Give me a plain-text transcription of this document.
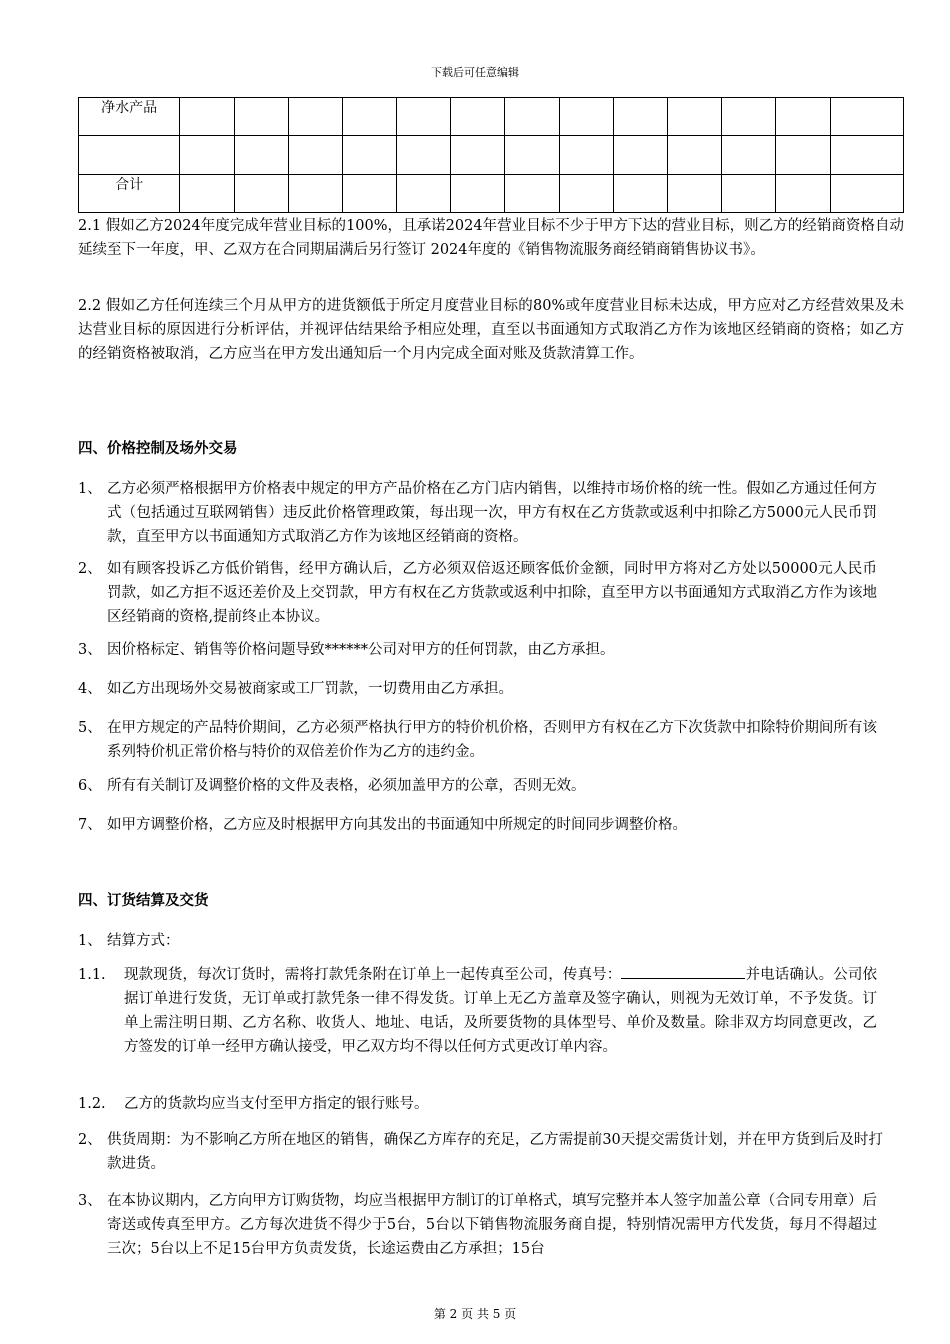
下载后可任意编辑
净水产品													

合计													
2.1 假如乙方2024年度完成年营业目标的100%，且承诺2024年营业目标不少于甲方下达的营业目标，则乙方的经销商资格自动延续至下一年度，甲、乙双方在合同期届满后另行签订 2024年度的《销售物流服务商经销商销售协议书》。
2.2 假如乙方任何连续三个月从甲方的进货额低于所定月度营业目标的80%或年度营业目标未达成，甲方应对乙方经营效果及未达营业目标的原因进行分析评估，并视评估结果给予相应处理，直至以书面通知方式取消乙方作为该地区经销商的资格；如乙方的经销资格被取消，乙方应当在甲方发出通知后一个月内完成全面对账及货款清算工作。
四、价格控制及场外交易
1、 乙方必须严格根据甲方价格表中规定的甲方产品价格在乙方门店内销售，以维持市场价格的统一性。假如乙方通过任何方式（包括通过互联网销售）违反此价格管理政策，每出现一次，甲方有权在乙方货款或返利中扣除乙方5000元人民币罚款，直至甲方以书面通知方式取消乙方作为该地区经销商的资格。
2、 如有顾客投诉乙方低价销售，经甲方确认后，乙方必须双倍返还顾客低价金额，同时甲方将对乙方处以50000元人民币罚款，如乙方拒不返还差价及上交罚款，甲方有权在乙方货款或返利中扣除，直至甲方以书面通知方式取消乙方作为该地区经销商的资格,提前终止本协议。
3、 因价格标定、销售等价格问题导致******公司对甲方的任何罚款，由乙方承担。
4、 如乙方出现场外交易被商家或工厂罚款，一切费用由乙方承担。
5、 在甲方规定的产品特价期间，乙方必须严格执行甲方的特价机价格，否则甲方有权在乙方下次货款中扣除特价期间所有该系列特价机正常价格与特价的双倍差价作为乙方的违约金。
6、 所有有关制订及调整价格的文件及表格，必须加盖甲方的公章，否则无效。
7、 如甲方调整价格，乙方应及时根据甲方向其发出的书面通知中所规定的时间同步调整价格。
四、订货结算及交货
1、 结算方式：
1.1. 现款现货，每次订货时，需将打款凭条附在订单上一起传真至公司，传真号：	并电话确认。公司依据订单进行发货，无订单或打款凭条一律不得发货。订单上无乙方盖章及签字确认，则视为无效订单，不予发货。订单上需注明日期、乙方名称、收货人、地址、电话，及所要货物的具体型号、单价及数量。除非双方均同意更改，乙方签发的订单一经甲方确认接受，甲乙双方均不得以任何方式更改订单内容。
1.2. 乙方的货款均应当支付至甲方指定的银行账号。
2、 供货周期：为不影响乙方所在地区的销售，确保乙方库存的充足，乙方需提前30天提交需货计划，并在甲方货到后及时打款进货。
3、 在本协议期内，乙方向甲方订购货物，均应当根据甲方制订的订单格式，填写完整并本人签字加盖公章（合同专用章）后寄送或传真至甲方。乙方每次进货不得少于5台，5台以下销售物流服务商自提，特别情况需甲方代发货，每月不得超过三次；5台以上不足15台甲方负责发货，长途运费由乙方承担；15台
第 2 页 共 5 页
